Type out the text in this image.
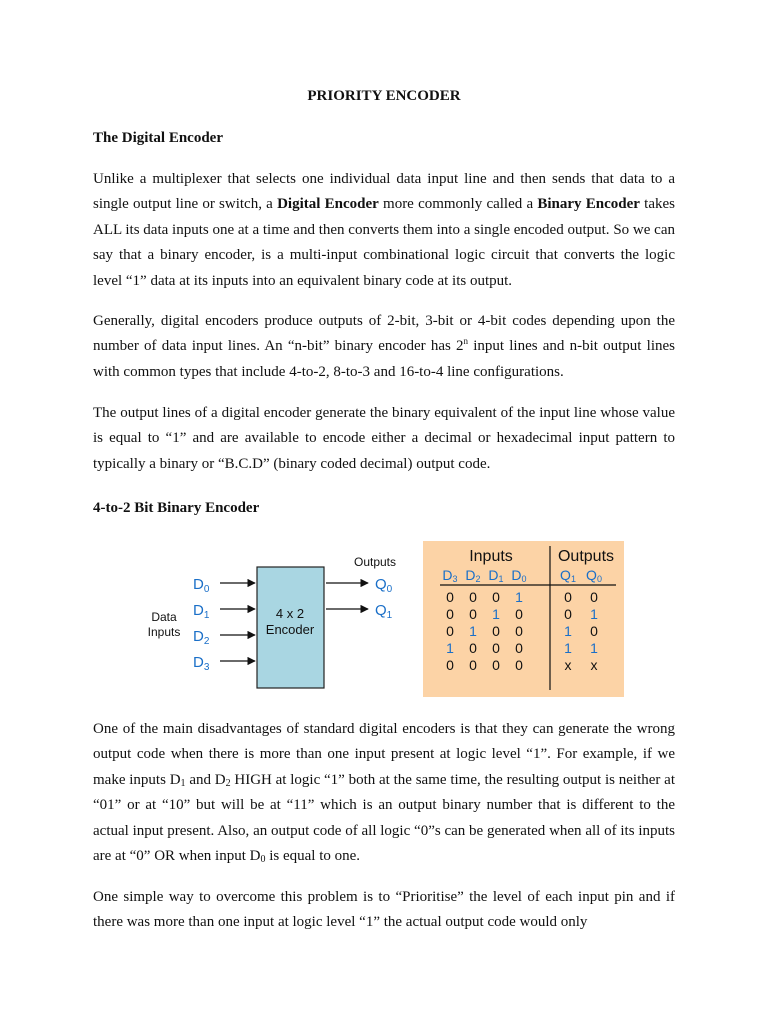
PRIORITY ENCODER
The Digital Encoder
Unlike a multiplexer that selects one individual data input line and then sends that data to a single output line or switch, a Digital Encoder more commonly called a Binary Encoder takes ALL its data inputs one at a time and then converts them into a single encoded output. So we can say that a binary encoder, is a multi-input combinational logic circuit that converts the logic level “1” data at its inputs into an equivalent binary code at its output.
Generally, digital encoders produce outputs of 2-bit, 3-bit or 4-bit codes depending upon the number of data input lines. An “n-bit” binary encoder has 2$^n$ input lines and n-bit output lines with common types that include 4-to-2, 8-to-3 and 16-to-4 line configurations.
The output lines of a digital encoder generate the binary equivalent of the input line whose value is equal to “1” and are available to encode either a decimal or hexadecimal input pattern to typically a binary or “B.C.D” (binary coded decimal) output code.
4-to-2 Bit Binary Encoder
4 x 2
Encoder
$D_0$
$D_1$
$D_2$
$D_3$
Data
Inputs
Outputs
$Q_0$
$Q_1$
Inputs	Outputs
D3 D2 D1 D0 Q1 Q0
0 0 0 1	0 0
0 0 1 0	0 1
0 1 0 0	1 0
1 0 0 0	1 1
0 0 0 0	x x
One of the main disadvantages of standard digital encoders is that they can generate the wrong output code when there is more than one input present at logic level “1”. For example, if we make inputs $D_1$ and $D_2$ HIGH at logic “1” both at the same time, the resulting output is neither at “01” or at “10” but will be at “11” which is an output binary number that is different to the actual input present. Also, an output code of all logic “0”s can be generated when all of its inputs are at “0” OR when input $D_0$ is equal to one.
One simple way to overcome this problem is to “Prioritise” the level of each input pin and if there was more than one input at logic level “1” the actual output code would only
